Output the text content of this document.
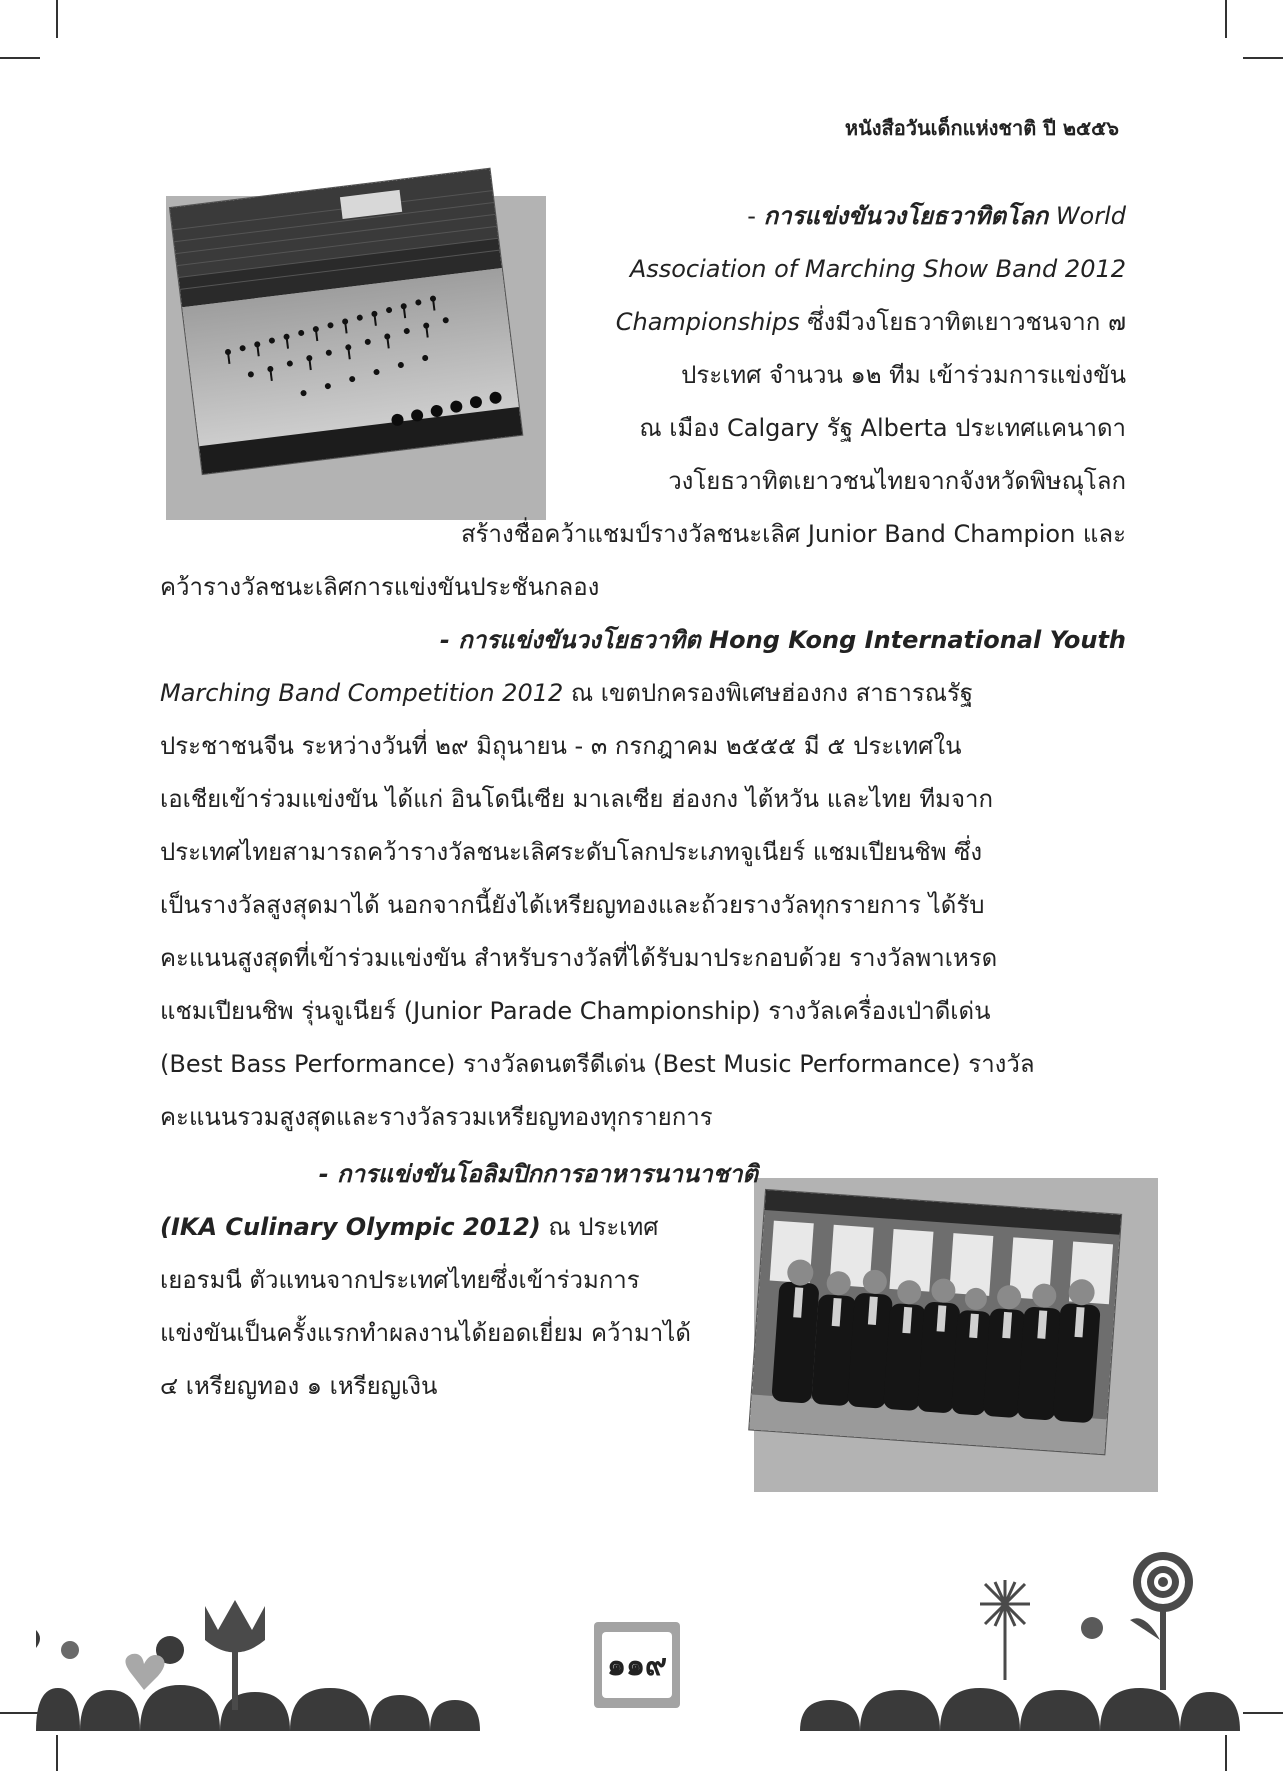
หนังสือวันเด็กแห่งชาติ ปี ๒๕๕๖
- การแข่งขันวงโยธวาทิตโลก World
Association of Marching Show Band 2012
Championships ซึ่งมีวงโยธวาทิตเยาวชนจาก ๗
ประเทศ จำนวน ๑๒ ทีม เข้าร่วมการแข่งขัน
ณ เมือง Calgary รัฐ Alberta ประเทศแคนาดา
วงโยธวาทิตเยาวชนไทยจากจังหวัดพิษณุโลก
สร้างชื่อคว้าแชมป์รางวัลชนะเลิศ Junior Band Champion และ
คว้ารางวัลชนะเลิศการแข่งขันประชันกลอง
- การแข่งขันวงโยธวาทิต Hong Kong International Youth
Marching Band Competition 2012 ณ เขตปกครองพิเศษฮ่องกง สาธารณรัฐ
ประชาชนจีน ระหว่างวันที่ ๒๙ มิถุนายน - ๓ กรกฎาคม ๒๕๕๕ มี ๕ ประเทศใน
เอเชียเข้าร่วมแข่งขัน ได้แก่ อินโดนีเซีย มาเลเซีย ฮ่องกง ไต้หวัน และไทย ทีมจาก
ประเทศไทยสามารถคว้ารางวัลชนะเลิศระดับโลกประเภทจูเนียร์ แชมเปียนชิพ ซึ่ง
เป็นรางวัลสูงสุดมาได้ นอกจากนี้ยังได้เหรียญทองและถ้วยรางวัลทุกรายการ ได้รับ
คะแนนสูงสุดที่เข้าร่วมแข่งขัน สำหรับรางวัลที่ได้รับมาประกอบด้วย รางวัลพาเหรด
แชมเปียนชิพ รุ่นจูเนียร์ (Junior Parade Championship) รางวัลเครื่องเป่าดีเด่น
(Best Bass Performance) รางวัลดนตรีดีเด่น (Best Music Performance) รางวัล
คะแนนรวมสูงสุดและรางวัลรวมเหรียญทองทุกรายการ
- การแข่งขันโอลิมปิกการอาหารนานาชาติ
(IKA Culinary Olympic 2012) ณ ประเทศ
เยอรมนี ตัวแทนจากประเทศไทยซึ่งเข้าร่วมการ
แข่งขันเป็นครั้งแรกทำผลงานได้ยอดเยี่ยม คว้ามาได้
๔ เหรียญทอง ๑ เหรียญเงิน
๑๑๙
